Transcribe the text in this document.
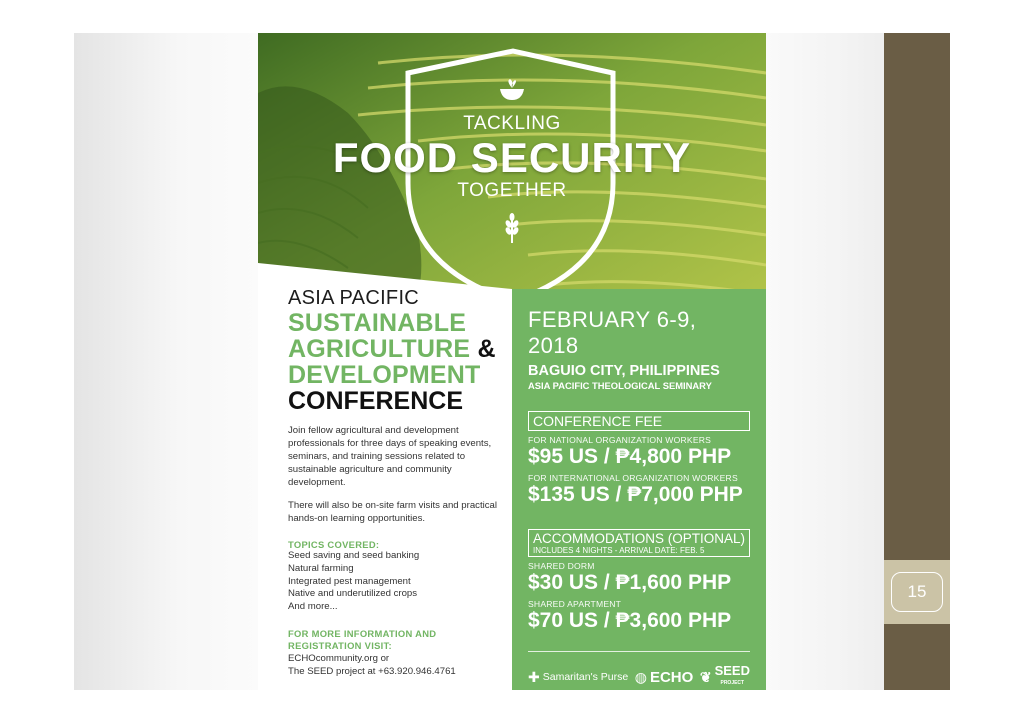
15
TACKLING
FOOD SECURITY
TOGETHER
ASIA PACIFIC
SUSTAINABLE
AGRICULTURE &
DEVELOPMENT
CONFERENCE
Join fellow agricultural and development professionals for three days of speaking events, seminars, and training sessions related to sustainable agriculture and community development.
There will also be on-site farm visits and practical hands-on learning opportunities.
TOPICS COVERED:
Seed saving and seed banking
Natural farming
Integrated pest management
Native and underutilized crops
And more...
FOR MORE INFORMATION AND REGISTRATION VISIT:
ECHOcommunity.org or
The SEED project at +63.920.946.4761
FEBRUARY 6-9, 2018
BAGUIO CITY, PHILIPPINES
ASIA PACIFIC THEOLOGICAL SEMINARY
CONFERENCE FEE
FOR NATIONAL ORGANIZATION WORKERS
$95 US / ₱4,800 PHP
FOR INTERNATIONAL ORGANIZATION WORKERS
$135 US / ₱7,000 PHP
ACCOMMODATIONS (OPTIONAL)
INCLUDES 4 NIGHTS - ARRIVAL DATE: FEB. 5
SHARED DORM
$30 US / ₱1,600 PHP
SHARED APARTMENT
$70 US / ₱3,600 PHP
✚ Samaritan's Purse ◍ ECHO ❦ SEED
PROJECT
